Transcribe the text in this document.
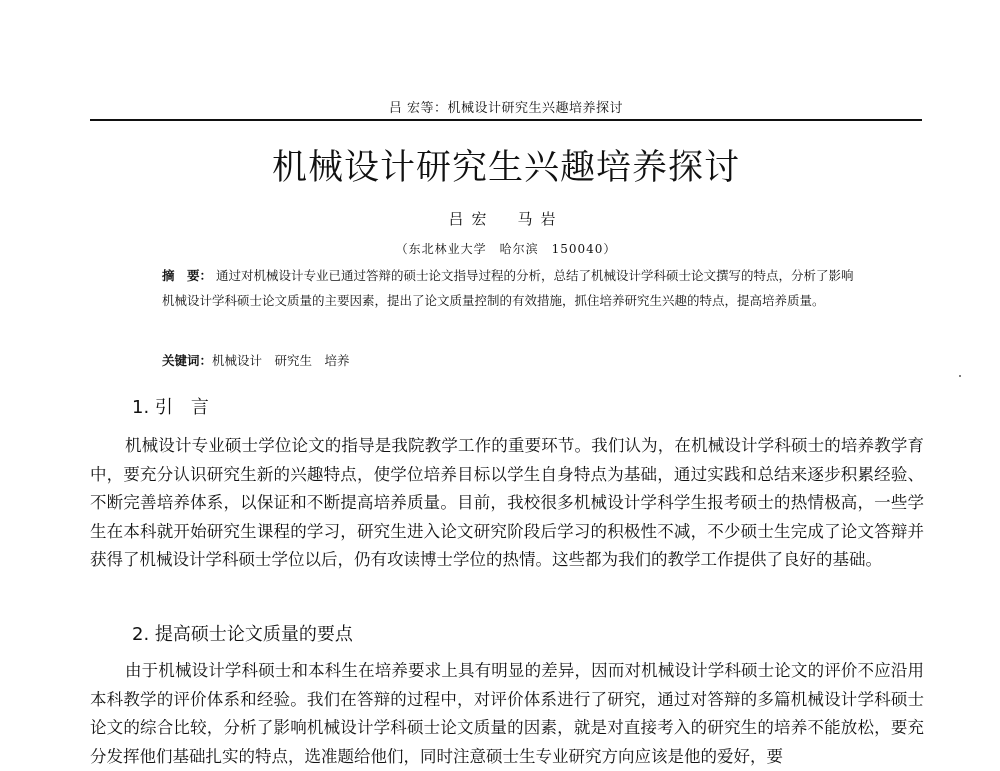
吕 宏等：机械设计研究生兴趣培养探讨
机械设计研究生兴趣培养探讨
吕宏　马岩
（东北林业大学　哈尔滨　150040）
摘　要： 通过对机械设计专业已通过答辩的硕士论文指导过程的分析，总结了机械设计学科硕士论文撰写的特点，分析了影响机械设计学科硕士论文质量的主要因素，提出了论文质量控制的有效措施，抓住培养研究生兴趣的特点，提高培养质量。
关键词：机械设计　研究生　培养
1. 引　言

机械设计专业硕士学位论文的指导是我院教学工作的重要环节。我们认为，在机械设计学科硕士的培养教学育中，要充分认识研究生新的兴趣特点，使学位培养目标以学生自身特点为基础，通过实践和总结来逐步积累经验、不断完善培养体系，以保证和不断提高培养质量。目前，我校很多机械设计学科学生报考硕士的热情极高，一些学生在本科就开始研究生课程的学习，研究生进入论文研究阶段后学习的积极性不减，不少硕士生完成了论文答辩并获得了机械设计学科硕士学位以后，仍有攻读博士学位的热情。这些都为我们的教学工作提供了良好的基础。

2. 提高硕士论文质量的要点

由于机械设计学科硕士和本科生在培养要求上具有明显的差异，因而对机械设计学科硕士论文的评价不应沿用本科教学的评价体系和经验。我们在答辩的过程中，对评价体系进行了研究，通过对答辩的多篇机械设计学科硕士论文的综合比较，分析了影响机械设计学科硕士论文质量的因素，就是对直接考入的研究生的培养不能放松，要充分发挥他们基础扎实的特点，选准题给他们，同时注意硕士生专业研究方向应该是他的爱好，要
